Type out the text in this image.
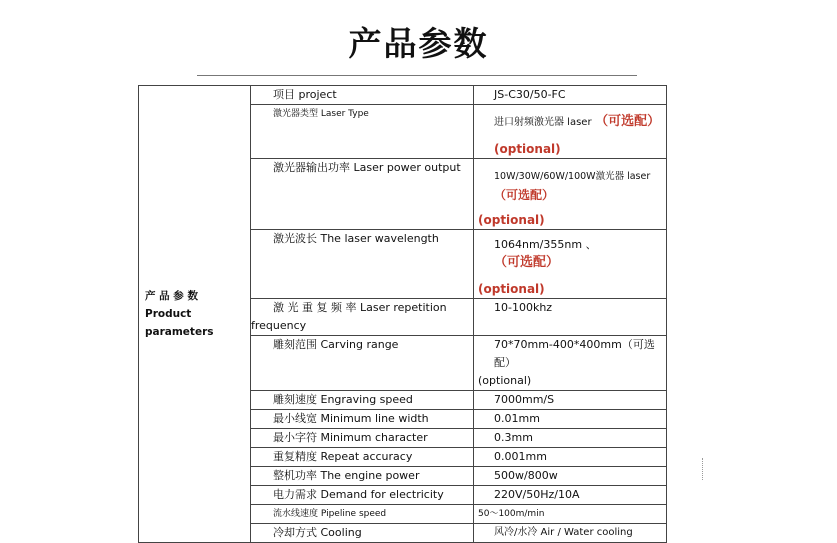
产品参数
产 品 参 数 Product parameters	项目 project	JS-C30/50-FC
	激光器类型 Laser Type	进口射频激光器 laser （可选配）
(optional)

	激光器输出功率 Laser power output	10W/30W/60W/100W激光器 laser （可选配）
(optional)

	激光波长 The laser wavelength	1064nm/355nm 、 （可选配）
(optional)

	激 光 重 复 频 率 Laser repetition
frequency	10-100khz
	雕刻范围 Carving range	70*70mm-400*400mm（可选配）
(optional)

	雕刻速度 Engraving speed	7000mm/S
	最小线宽 Minimum line width	0.01mm
	最小字符 Minimum character	0.3mm
	重复精度 Repeat accuracy	0.001mm
	整机功率 The engine power	500w/800w
	电力需求 Demand for electricity	220V/50Hz/10A
	流水线速度 Pipeline speed	50～100m/min
	冷却方式 Cooling	风冷/水冷 Air / Water cooling
